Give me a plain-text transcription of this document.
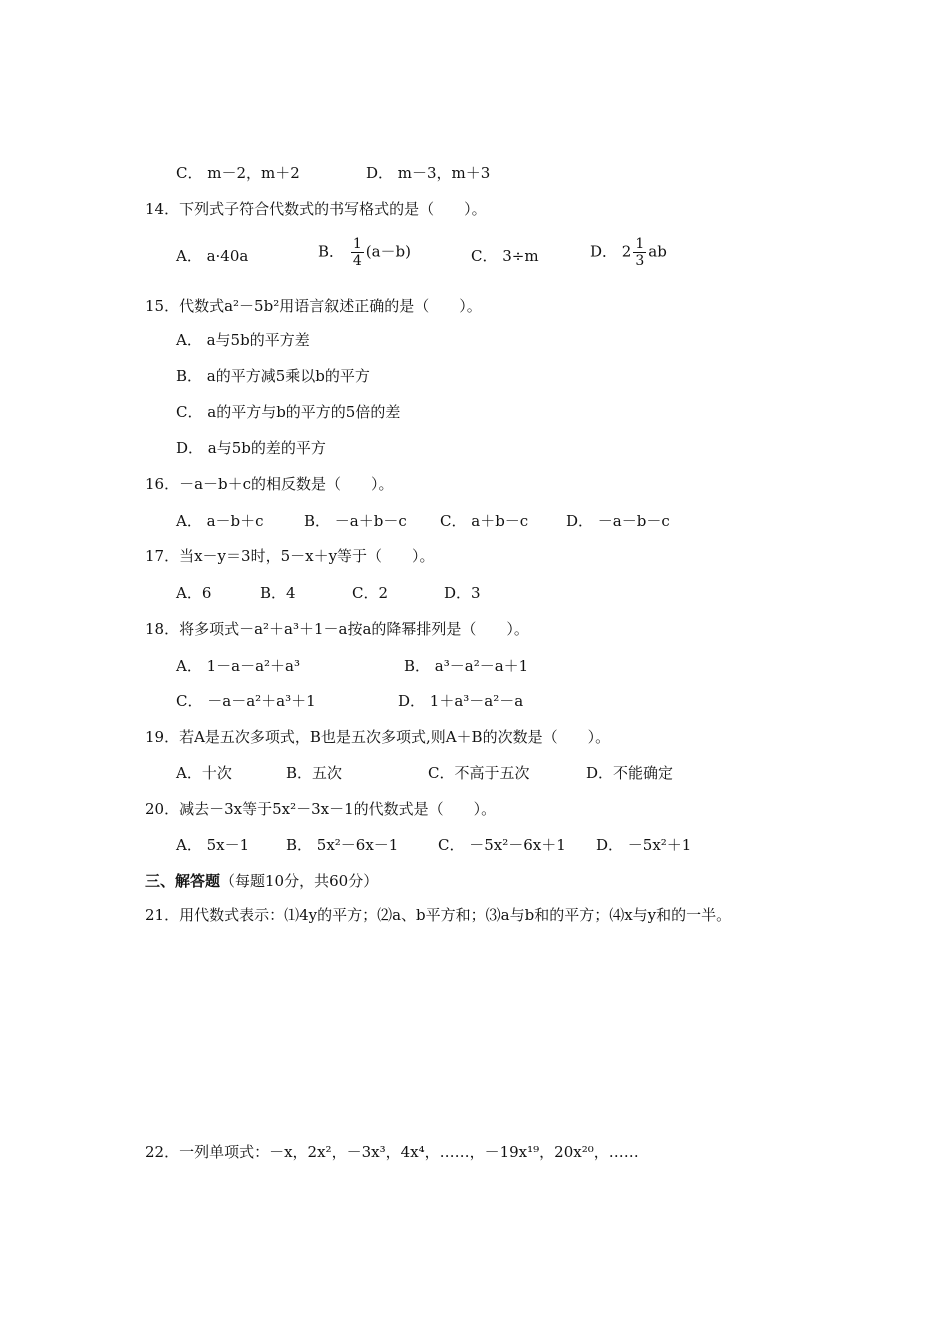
C． m－2，m＋2	D． m－3，m＋3
14．下列式子符合代数式的书写格式的是（　　）。
A． a·40a	B． $\frac{1}{4} (a-b)$	C． 3÷m	D． $2 \frac{1}{3}$ ab
15．代数式a²－5b²用语言叙述正确的是（　　）。
A． a与5b的平方差
B． a的平方减5乘以b的平方
C． a的平方与b的平方的5倍的差
D． a与5b的差的平方
16．－a－b＋c的相反数是（　　）。
A． a－b＋c	B． －a＋b－c C． a＋b－c	D． －a－b－c
17．当x－y＝3时，5－x＋y等于（　　）。
A．6	B．4	C．2	D．3
18．将多项式－a²＋a³＋1－a按a的降幂排列是（　　）。
A． 1－a－a²＋a³	B． a³－a²－a＋1
C． －a－a²＋a³＋1	D． 1＋a³－a²－a
19．若A是五次多项式，B也是五次多项式,则A＋B的次数是（　　）。
A．十次	B．五次	C．不高于五次	D．不能确定
20．减去－3x等于5x²－3x－1的代数式是（　　）。
A． 5x－1 B． 5x²－6x－1	C． －5x²－6x＋1 D． －5x²＋1
三、解答题（每题10分，共60分）
21．用代数式表示：⑴4y的平方；⑵a、b平方和；⑶a与b和的平方；⑷x与y和的一半。
22．一列单项式：－x，2x²，－3x³，4x⁴，……，－19x¹⁹，20x²⁰，……
